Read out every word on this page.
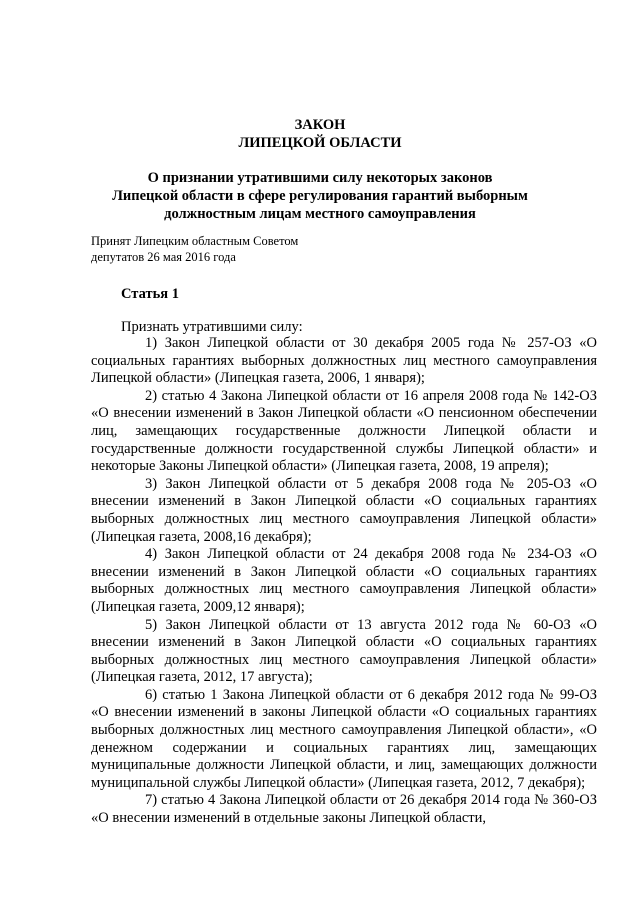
ЗАКОН

ЛИПЕЦКОЙ ОБЛАСТИ

О признании утратившими силу некоторых законов

Липецкой области в сфере регулирования гарантий выборным

должностным лицам местного самоуправления

Принят Липецким областным Советом
депутатов 26 мая 2016 года

Статья 1

Признать утратившими силу:

1) Закон Липецкой области от 30 декабря 2005 года № 257-ОЗ «О социальных гарантиях выборных должностных лиц местного самоуправления Липецкой области» (Липецкая газета, 2006, 1 января);

2) статью 4 Закона Липецкой области от 16 апреля 2008 года № 142-ОЗ «О внесении изменений в Закон Липецкой области «О пенсионном обеспечении лиц, замещающих государственные должности Липецкой области и государственные должности государственной службы Липецкой области» и некоторые Законы Липецкой области» (Липецкая газета, 2008, 19 апреля);

3) Закон Липецкой области от 5 декабря 2008 года № 205-ОЗ «О внесении изменений в Закон Липецкой области «О социальных гарантиях выборных должностных лиц местного самоуправления Липецкой области» (Липецкая газета, 2008,16 декабря);

4) Закон Липецкой области от 24 декабря 2008 года № 234-ОЗ «О внесении изменений в Закон Липецкой области «О социальных гарантиях выборных должностных лиц местного самоуправления Липецкой области» (Липецкая газета, 2009,12 января);

5) Закон Липецкой области от 13 августа 2012 года № 60-ОЗ «О внесении изменений в Закон Липецкой области «О социальных гарантиях выборных должностных лиц местного самоуправления Липецкой области» (Липецкая газета, 2012, 17 августа);

6) статью 1 Закона Липецкой области от 6 декабря 2012 года № 99-ОЗ «О внесении изменений в законы Липецкой области «О социальных гарантиях выборных должностных лиц местного самоуправления Липецкой области», «О денежном содержании и социальных гарантиях лиц, замещающих муниципальные должности Липецкой области, и лиц, замещающих должности муниципальной службы Липецкой области» (Липецкая газета, 2012, 7 декабря);

7) статью 4 Закона Липецкой области от 26 декабря 2014 года № 360-ОЗ «О внесении изменений в отдельные законы Липецкой области,
